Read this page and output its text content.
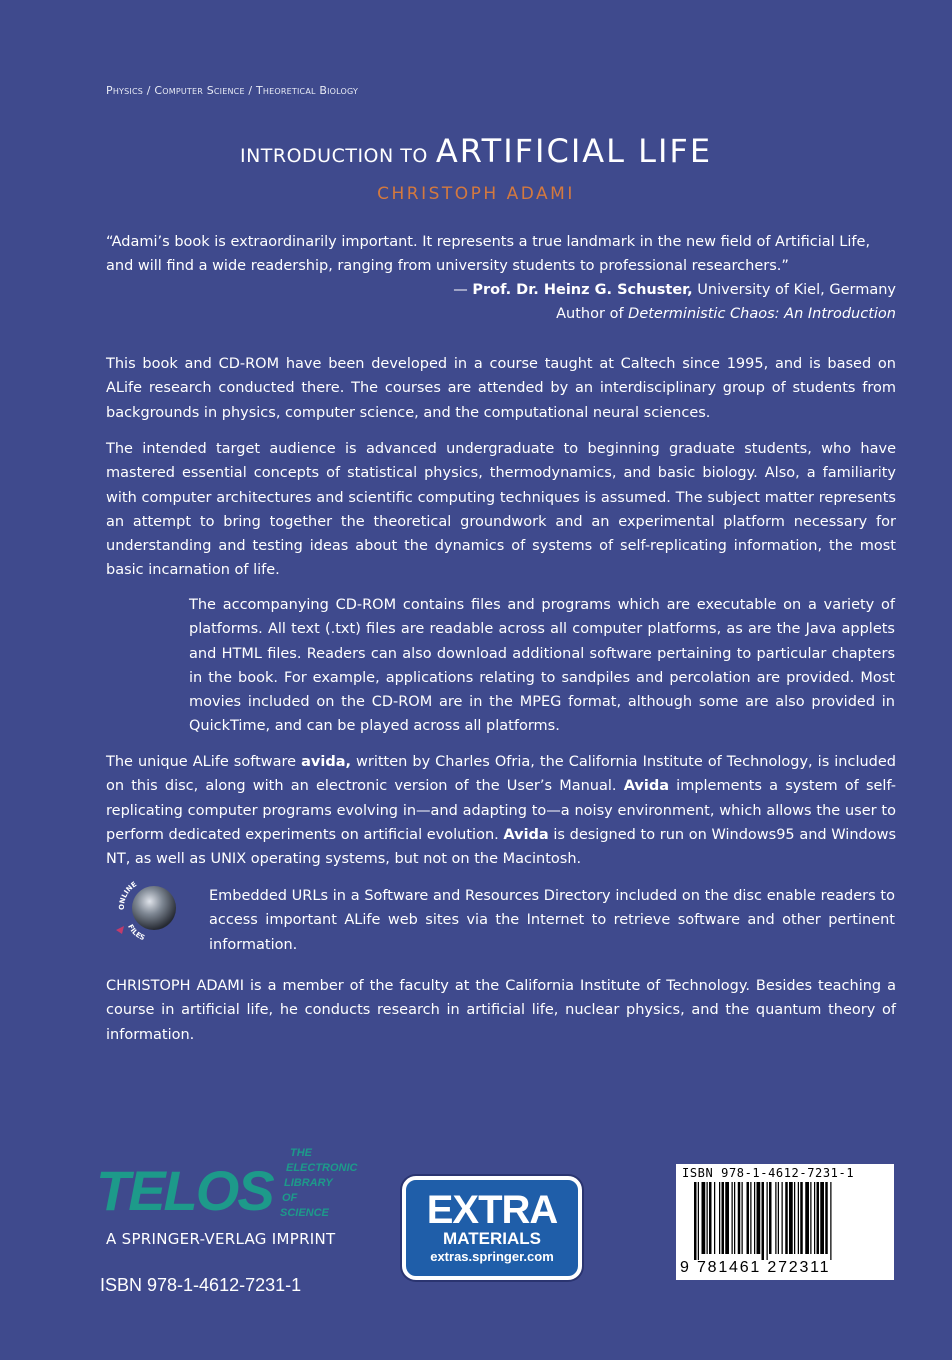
Physics / Computer Science / Theoretical Biology
INTRODUCTION TO ARTIFICIAL LIFE
CHRISTOPH ADAMI
“Adami’s book is extraordinarily important. It represents a true landmark in the new field of Artificial Life, and will find a wide readership, ranging from university students to professional researchers.”
— Prof. Dr. Heinz G. Schuster, University of Kiel, Germany
Author of Deterministic Chaos: An Introduction
This book and CD-ROM have been developed in a course taught at Caltech since 1995, and is based on ALife research conducted there. The courses are attended by an interdisciplinary group of students from backgrounds in physics, computer science, and the computational neural sciences.
The intended target audience is advanced undergraduate to beginning graduate students, who have mastered essential concepts of statistical physics, thermodynamics, and basic biology. Also, a familiarity with computer architectures and scientific computing techniques is assumed. The subject matter represents an attempt to bring together the theoretical groundwork and an experimental platform necessary for understanding and testing ideas about the dynamics of systems of self-replicating information, the most basic incarnation of life.
The accompanying CD-ROM contains files and programs which are executable on a variety of platforms. All text (.txt) files are readable across all computer platforms, as are the Java applets and HTML files. Readers can also download additional software pertaining to particular chapters in the book. For example, applications relating to sandpiles and percolation are provided. Most movies included on the CD-ROM are in the MPEG format, although some are also provided in QuickTime, and can be played across all platforms.
The unique ALife software avida, written by Charles Ofria, the California Institute of Technology, is included on this disc, along with an electronic version of the User’s Manual. Avida implements a system of self-replicating computer programs evolving in—and adapting to—a noisy environment, which allows the user to perform dedicated experiments on artificial evolution. Avida is designed to run on Windows95 and Windows NT, as well as UNIX operating systems, but not on the Macintosh.
ONLINE
FILES
Embedded URLs in a Software and Resources Directory included on the disc enable readers to access important ALife web sites via the Internet to retrieve software and other pertinent information.
CHRISTOPH ADAMI is a member of the faculty at the California Institute of Technology. Besides teaching a course in artificial life, he conducts research in artificial life, nuclear physics, and the quantum theory of information.
TELOS
THE
ELECTRONIC
LIBRARY
OF
SCIENCE
A SPRINGER-VERLAG IMPRINT
ISBN 978-1-4612-7231-1
EXTRA
MATERIALS
extras.springer.com
ISBN 978-1-4612-7231-1
9 781461 272311
